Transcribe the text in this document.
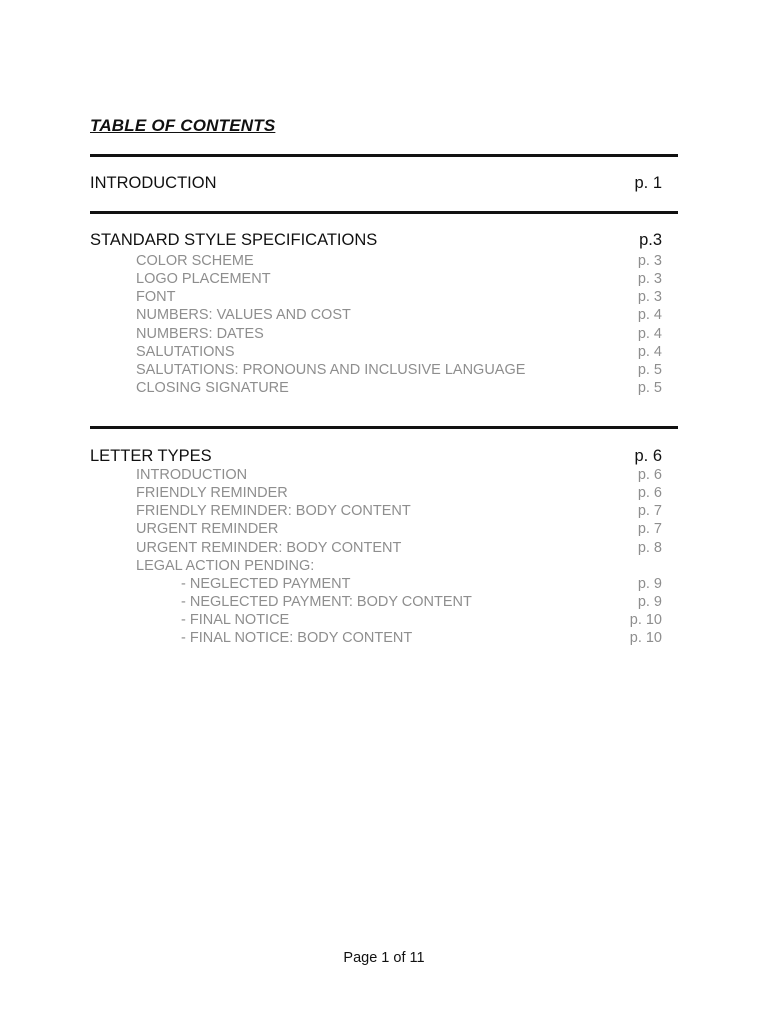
TABLE OF CONTENTS
INTRODUCTION	p. 1
STANDARD STYLE SPECIFICATIONS	p.3
COLOR SCHEME	p. 3
LOGO PLACEMENT	p. 3
FONT	p. 3
NUMBERS: VALUES AND COST	p. 4
NUMBERS: DATES	p. 4
SALUTATIONS	p. 4
SALUTATIONS: PRONOUNS AND INCLUSIVE LANGUAGE	p. 5
CLOSING SIGNATURE	p. 5
LETTER TYPES	p. 6
INTRODUCTION	p. 6
FRIENDLY REMINDER	p. 6
FRIENDLY REMINDER: BODY CONTENT	p. 7
URGENT REMINDER	p. 7
URGENT REMINDER: BODY CONTENT	p. 8
LEGAL ACTION PENDING:
- NEGLECTED PAYMENT	p. 9
- NEGLECTED PAYMENT: BODY CONTENT	p. 9
- FINAL NOTICE	p. 10
- FINAL NOTICE: BODY CONTENT	p. 10
Page 1 of 11
